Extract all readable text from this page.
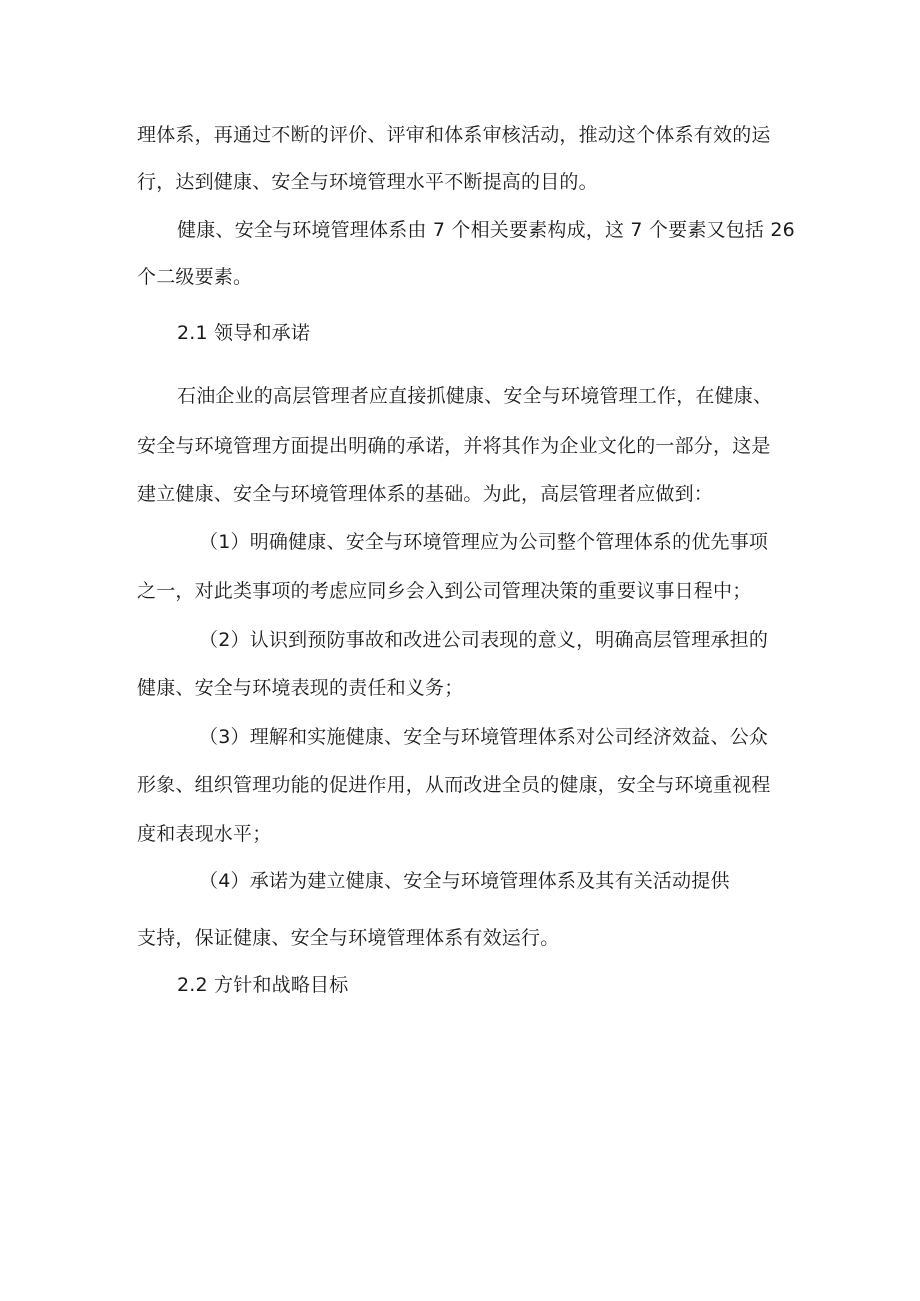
理体系，再通过不断的评价、评审和体系审核活动，推动这个体系有效的运
行，达到健康、安全与环境管理水平不断提高的目的。
健康、安全与环境管理体系由 7 个相关要素构成，这 7 个要素又包括 26
个二级要素。
2.1 领导和承诺
石油企业的高层管理者应直接抓健康、安全与环境管理工作，在健康、
安全与环境管理方面提出明确的承诺，并将其作为企业文化的一部分，这是
建立健康、安全与环境管理体系的基础。为此，高层管理者应做到：
（1）明确健康、安全与环境管理应为公司整个管理体系的优先事项
之一，对此类事项的考虑应同乡会入到公司管理决策的重要议事日程中；
（2）认识到预防事故和改进公司表现的意义，明确高层管理承担的
健康、安全与环境表现的责任和义务；
（3）理解和实施健康、安全与环境管理体系对公司经济效益、公众
形象、组织管理功能的促进作用，从而改进全员的健康，安全与环境重视程
度和表现水平；
（4）承诺为建立健康、安全与环境管理体系及其有关活动提供
支持，保证健康、安全与环境管理体系有效运行。
2.2 方针和战略目标
